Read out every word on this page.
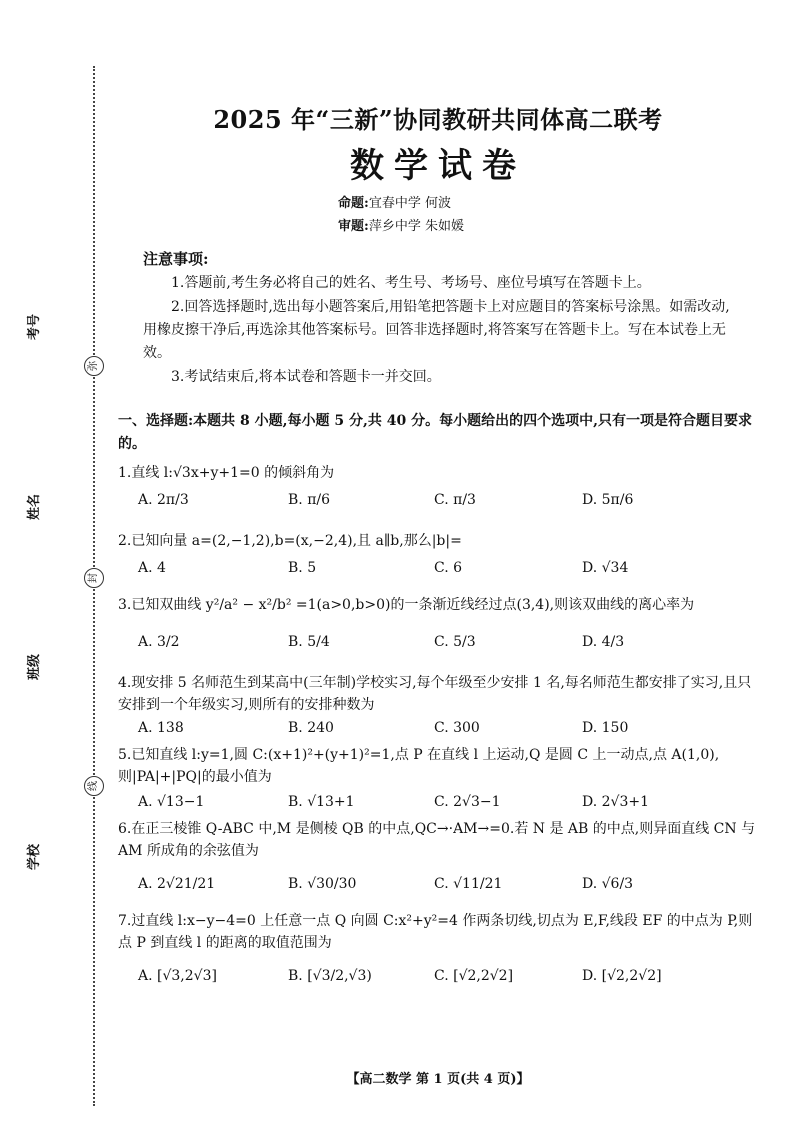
弥
封
线
考号
姓名
班级
学校
2025 年“三新”协同教研共同体高二联考
数学试卷
命题:宜春中学 何波
审题:萍乡中学 朱如媛
注意事项:
1.答题前,考生务必将自己的姓名、考生号、考场号、座位号填写在答题卡上。
2.回答选择题时,选出每小题答案后,用铅笔把答题卡上对应题目的答案标号涂黑。如需改动,用橡皮擦干净后,再选涂其他答案标号。回答非选择题时,将答案写在答题卡上。写在本试卷上无效。
3.考试结束后,将本试卷和答题卡一并交回。
一、选择题:本题共 8 小题,每小题 5 分,共 40 分。每小题给出的四个选项中,只有一项是符合题目要求的。
1.直线 l:√3x+y+1=0 的倾斜角为
A. 2π/3	B. π/6	C. π/3	D. 5π/6
2.已知向量 a=(2,−1,2),b=(x,−2,4),且 a∥b,那么|b|=
A. 4	B. 5	C. 6	D. √34
3.已知双曲线 y²/a² − x²/b² =1(a>0,b>0)的一条渐近线经过点(3,4),则该双曲线的离心率为
A. 3/2	B. 5/4	C. 5/3	D. 4/3
4.现安排 5 名师范生到某高中(三年制)学校实习,每个年级至少安排 1 名,每名师范生都安排了实习,且只安排到一个年级实习,则所有的安排种数为
A. 138	B. 240	C. 300	D. 150
5.已知直线 l:y=1,圆 C:(x+1)²+(y+1)²=1,点 P 在直线 l 上运动,Q 是圆 C 上一动点,点 A(1,0),则|PA|+|PQ|的最小值为
A. √13−1	B. √13+1	C. 2√3−1	D. 2√3+1
6.在正三棱锥 Q-ABC 中,M 是侧棱 QB 的中点,QC→·AM→=0.若 N 是 AB 的中点,则异面直线 CN 与 AM 所成角的余弦值为
A. 2√21/21	B. √30/30	C. √11/21	D. √6/3
7.过直线 l:x−y−4=0 上任意一点 Q 向圆 C:x²+y²=4 作两条切线,切点为 E,F,线段 EF 的中点为 P,则点 P 到直线 l 的距离的取值范围为
A. [√3,2√3]	B. [√3/2,√3)	C. [√2,2√2]	D. [√2,2√2]
【高二数学 第 1 页(共 4 页)】
